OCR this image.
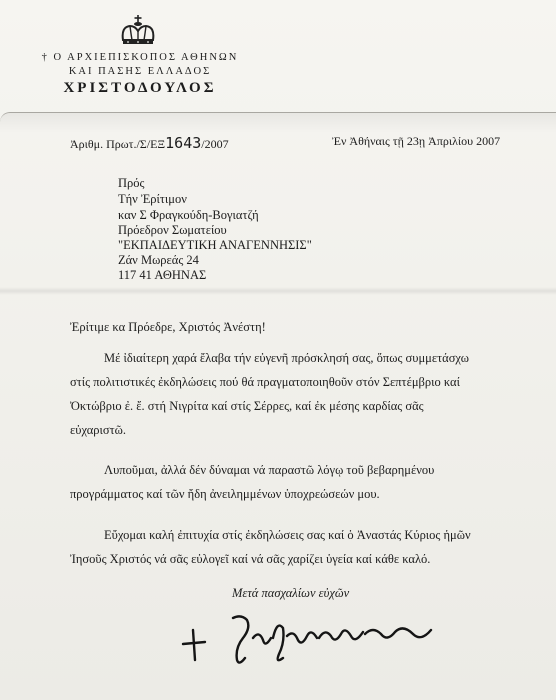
† Ο ΑΡΧΙΕΠΙΣΚΟΠΟΣ ΑΘΗΝΩΝ
ΚΑΙ ΠΑΣΗΣ ΕΛΛΑΔΟΣ
ΧΡΙΣΤΟΔΟΥΛΟΣ
Ἀριθμ. Πρωτ./Σ/ΕΞ1643/2007	Ἐν Ἀθήναις τῇ 23ῃ Ἀπριλίου 2007
Πρός
Τήν Ἐρίτιμον
καν Σ Φραγκούδη-Βογιατζή
Πρόεδρον Σωματείου
"ΕΚΠΑΙΔΕΥΤΙΚΗ ΑΝΑΓΕΝΝΗΣΙΣ"
Ζάν Μωρεάς 24
117 41 ΑΘΗΝΑΣ
Ἐρίτιμε κα Πρόεδρε, Χριστός Ἀνέστη!
Μέ ἰδιαίτερη χαρά ἔλαβα τήν εὐγενῆ πρόσκλησή σας, ὅπως συμμετάσχω
στίς πολιτιστικές ἐκδηλώσεις πού θά πραγματοποιηθοῦν στόν Σεπτέμβριο καί
Ὀκτώβριο ἐ. ἔ. στή Νιγρίτα καί στίς Σέρρες, καί ἐκ μέσης καρδίας σᾶς
εὐχαριστῶ.
Λυποῦμαι, ἀλλά δέν δύναμαι νά παραστῶ λόγῳ τοῦ βεβαρημένου
προγράμματος καί τῶν ἤδη ἀνειλημμένων ὑποχρεώσεών μου.
Εὔχομαι καλή ἐπιτυχία στίς ἐκδηλώσεις σας καί ὁ Ἀναστάς Κύριος ἡμῶν
Ἰησοῦς Χριστός νά σᾶς εὐλογεῖ καί νά σᾶς χαρίζει ὑγεία καί κάθε καλό.
Μετά πασχαλίων εὐχῶν
